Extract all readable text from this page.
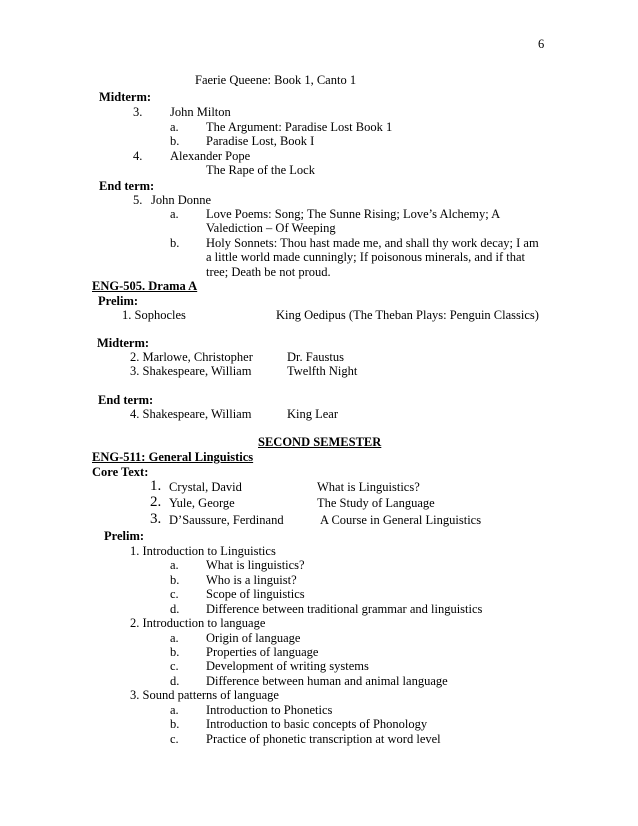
6
Faerie Queene: Book 1, Canto 1
Midterm:
3. John Milton
a. The Argument: Paradise Lost Book 1
b. Paradise Lost, Book I
4. Alexander Pope
The Rape of the Lock
End term:
5. John Donne
a. Love Poems: Song; The Sunne Rising; Love’s Alchemy; A
Valediction – Of Weeping
b. Holy Sonnets: Thou hast made me, and shall thy work decay; I am
a little world made cunningly; If poisonous minerals, and if that
tree; Death be not proud.
ENG-505. Drama A
Prelim:
1. Sophocles	King Oedipus (The Theban Plays: Penguin Classics)
Midterm:
2. Marlowe, Christopher	Dr. Faustus
3. Shakespeare, William	Twelfth Night
End term:
4. Shakespeare, William	King Lear
SECOND SEMESTER
ENG-511: General Linguistics
Core Text:
1. Crystal, David	What is Linguistics?
2. Yule, George	The Study of Language
3. D’Saussure, Ferdinand	A Course in General Linguistics
Prelim:
1. Introduction to Linguistics
a. What is linguistics?
b. Who is a linguist?
c. Scope of linguistics
d. Difference between traditional grammar and linguistics
2. Introduction to language
a. Origin of language
b. Properties of language
c. Development of writing systems
d. Difference between human and animal language
3. Sound patterns of language
a. Introduction to Phonetics
b. Introduction to basic concepts of Phonology
c. Practice of phonetic transcription at word level
